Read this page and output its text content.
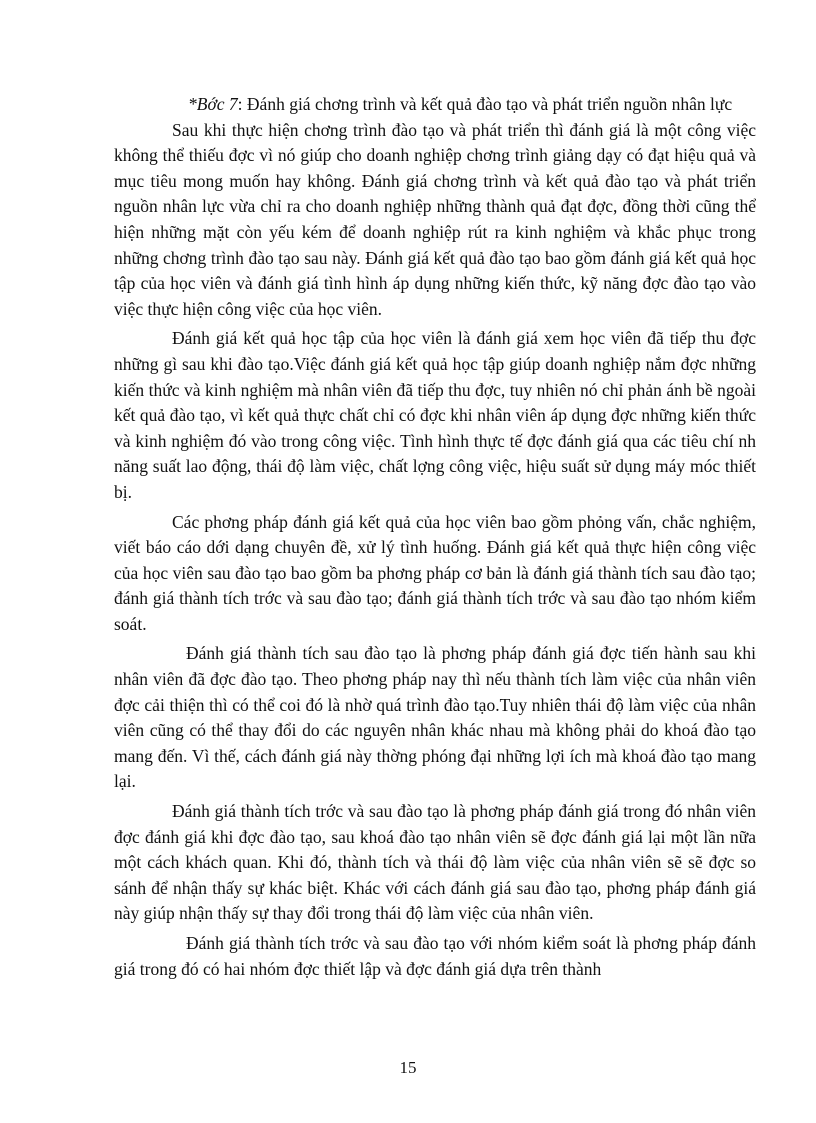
*Bớc 7: Đánh giá chơng trình và kết quả đào tạo và phát triển nguồn nhân lực

Sau khi thực hiện chơng trình đào tạo và phát triển thì đánh giá là một công việc không thể thiếu đợc vì nó giúp cho doanh nghiệp chơng trình giảng dạy có đạt hiệu quả và mục tiêu mong muốn hay không. Đánh giá chơng trình và kết quả đào tạo và phát triển nguồn nhân lực vừa chỉ ra cho doanh nghiệp những thành quả đạt đợc, đồng thời cũng thể hiện những mặt còn yếu kém để doanh nghiệp rút ra kinh nghiệm và khắc phục trong những chơng trình đào tạo sau này. Đánh giá kết quả đào tạo bao gồm đánh giá kết quả học tập của học viên và đánh giá tình hình áp dụng những kiến thức, kỹ năng đợc đào tạo vào việc thực hiện công việc của học viên.

Đánh giá kết quả học tập của học viên là đánh giá xem học viên đã tiếp thu đợc những gì sau khi đào tạo.Việc đánh giá kết quả học tập giúp doanh nghiệp nắm đợc những kiến thức và kinh nghiệm mà nhân viên đã tiếp thu đợc, tuy nhiên nó chỉ phản ánh bề ngoài kết quả đào tạo, vì kết quả thực chất chỉ có đợc khi nhân viên áp dụng đợc những kiến thức và kinh nghiệm đó vào trong công việc. Tình hình thực tế đợc đánh giá qua các tiêu chí nh năng suất lao động, thái độ làm việc, chất lợng công việc, hiệu suất sử dụng máy móc thiết bị.

Các phơng pháp đánh giá kết quả của học viên bao gồm phỏng vấn, chắc nghiệm, viết báo cáo dới dạng chuyên đề, xử lý tình huống. Đánh giá kết quả thực hiện công việc của học viên sau đào tạo bao gồm ba phơng pháp cơ bản là đánh giá thành tích sau đào tạo; đánh giá thành tích trớc và sau đào tạo; đánh giá thành tích trớc và sau đào tạo nhóm kiểm soát.

Đánh giá thành tích sau đào tạo là phơng pháp đánh giá đợc tiến hành sau khi nhân viên đã đợc đào tạo. Theo phơng pháp nay thì nếu thành tích làm việc của nhân viên đợc cải thiện thì có thể coi đó là nhờ quá trình đào tạo.Tuy nhiên thái độ làm việc của nhân viên cũng có thể thay đổi do các nguyên nhân khác nhau mà không phải do khoá đào tạo mang đến. Vì thế, cách đánh giá này thờng phóng đại những lợi ích mà khoá đào tạo mang lại.

Đánh giá thành tích trớc và sau đào tạo là phơng pháp đánh giá trong đó nhân viên đợc đánh giá khi đợc đào tạo, sau khoá đào tạo nhân viên sẽ đợc đánh giá lại một lần nữa một cách khách quan. Khi đó, thành tích và thái độ làm việc của nhân viên sẽ sẽ đợc so sánh để nhận thấy sự khác biệt. Khác với cách đánh giá sau đào tạo, phơng pháp đánh giá này giúp nhận thấy sự thay đổi trong thái độ làm việc của nhân viên.

Đánh giá thành tích trớc và sau đào tạo với nhóm kiểm soát là phơng pháp đánh giá trong đó có hai nhóm đợc thiết lập và đợc đánh giá dựa trên thành

15
